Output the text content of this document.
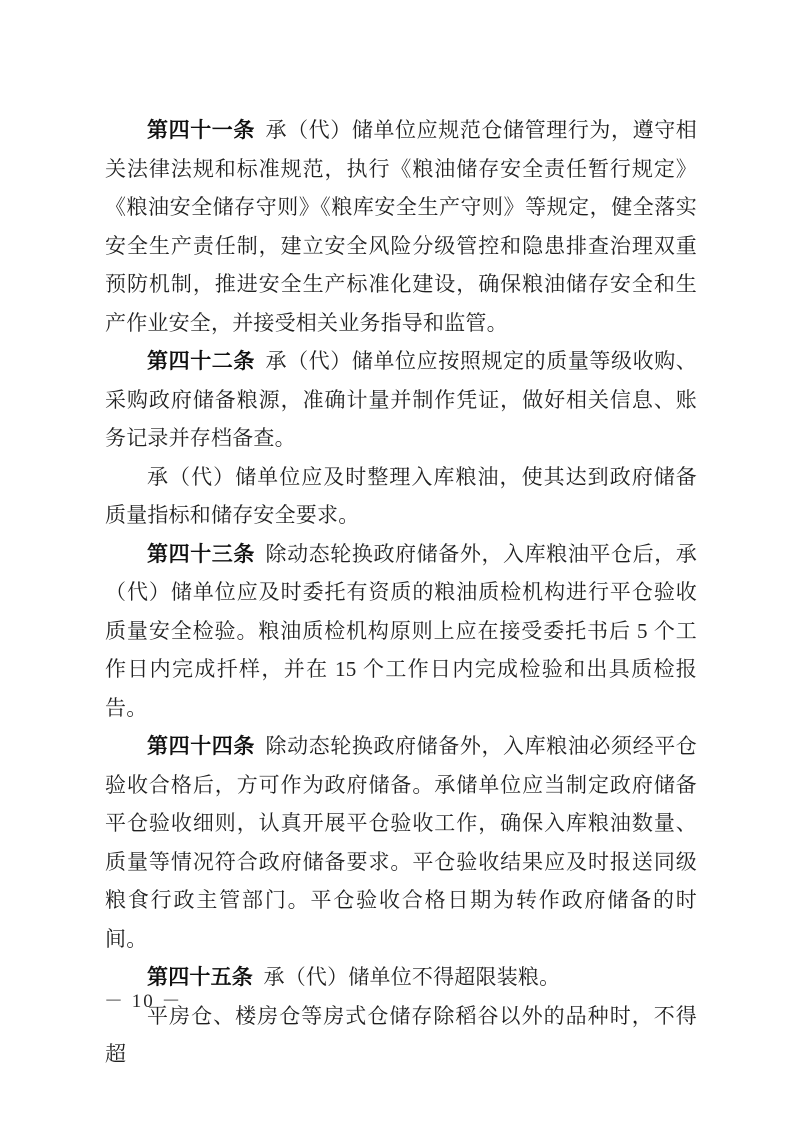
第四十一条 承（代）储单位应规范仓储管理行为，遵守相关法律法规和标准规范，执行《粮油储存安全责任暂行规定》《粮油安全储存守则》《粮库安全生产守则》等规定，健全落实安全生产责任制，建立安全风险分级管控和隐患排查治理双重预防机制，推进安全生产标准化建设，确保粮油储存安全和生产作业安全，并接受相关业务指导和监管。

第四十二条 承（代）储单位应按照规定的质量等级收购、采购政府储备粮源，准确计量并制作凭证，做好相关信息、账务记录并存档备查。

承（代）储单位应及时整理入库粮油，使其达到政府储备质量指标和储存安全要求。

第四十三条 除动态轮换政府储备外，入库粮油平仓后，承（代）储单位应及时委托有资质的粮油质检机构进行平仓验收质量安全检验。粮油质检机构原则上应在接受委托书后 5 个工作日内完成扦样，并在 15 个工作日内完成检验和出具质检报告。

第四十四条 除动态轮换政府储备外，入库粮油必须经平仓验收合格后，方可作为政府储备。承储单位应当制定政府储备平仓验收细则，认真开展平仓验收工作，确保入库粮油数量、质量等情况符合政府储备要求。平仓验收结果应及时报送同级粮食行政主管部门。平仓验收合格日期为转作政府储备的时间。

第四十五条 承（代）储单位不得超限装粮。

平房仓、楼房仓等房式仓储存除稻谷以外的品种时，不得超

－ 10 －
